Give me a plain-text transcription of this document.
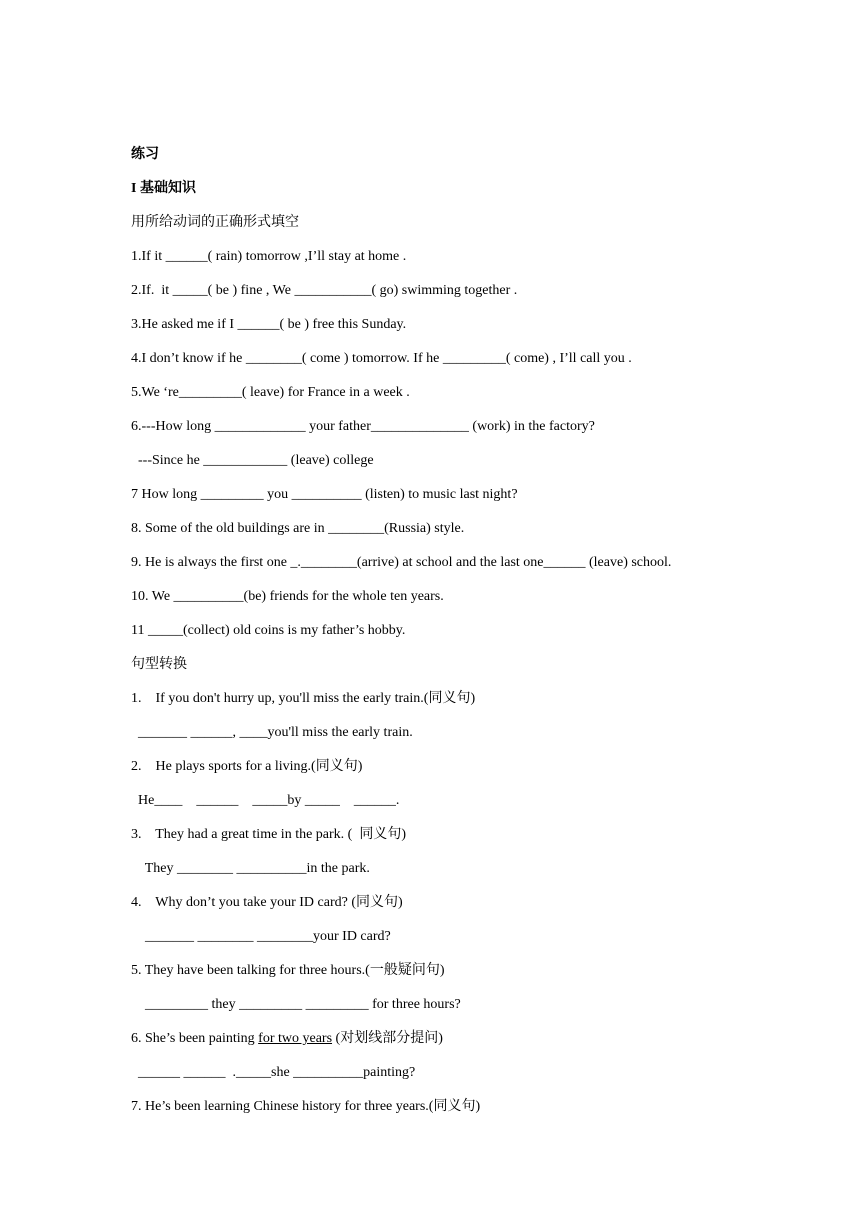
练习
I 基础知识
用所给动词的正确形式填空
1.If it ______( rain) tomorrow ,I’ll stay at home .
2.If.  it _____( be ) fine , We ___________( go) swimming together .
3.He asked me if I ______( be ) free this Sunday.
4.I don’t know if he ________( come ) tomorrow. If he _________( come) , I’ll call you .
5.We ‘re_________( leave) for France in a week .
6.---How long _____________ your father______________ (work) in the factory?
---Since he ____________ (leave) college
7 How long _________ you __________ (listen) to music last night?
8. Some of the old buildings are in ________(Russia) style.
9. He is always the first one _.________(arrive) at school and the last one______ (leave) school.
10. We __________(be) friends for the whole ten years.
11 _____(collect) old coins is my father’s hobby.
句型转换
1.    If you don't hurry up, you'll miss the early train.(同义句)
_______ ______, ____you'll miss the early train.
2.    He plays sports for a living.(同义句)
He____    ______    _____by _____    ______.
3.    They had a great time in the park. (  同义句)
They ________ __________in the park.
4.    Why don’t you take your ID card? (同义句)
_______ ________ ________your ID card?
5. They have been talking for three hours.(一般疑问句)
_________ they _________ _________ for three hours?
6. She’s been painting for two years (对划线部分提问)
______ ______  ._____she __________painting?
7. He’s been learning Chinese history for three years.(同义句)
